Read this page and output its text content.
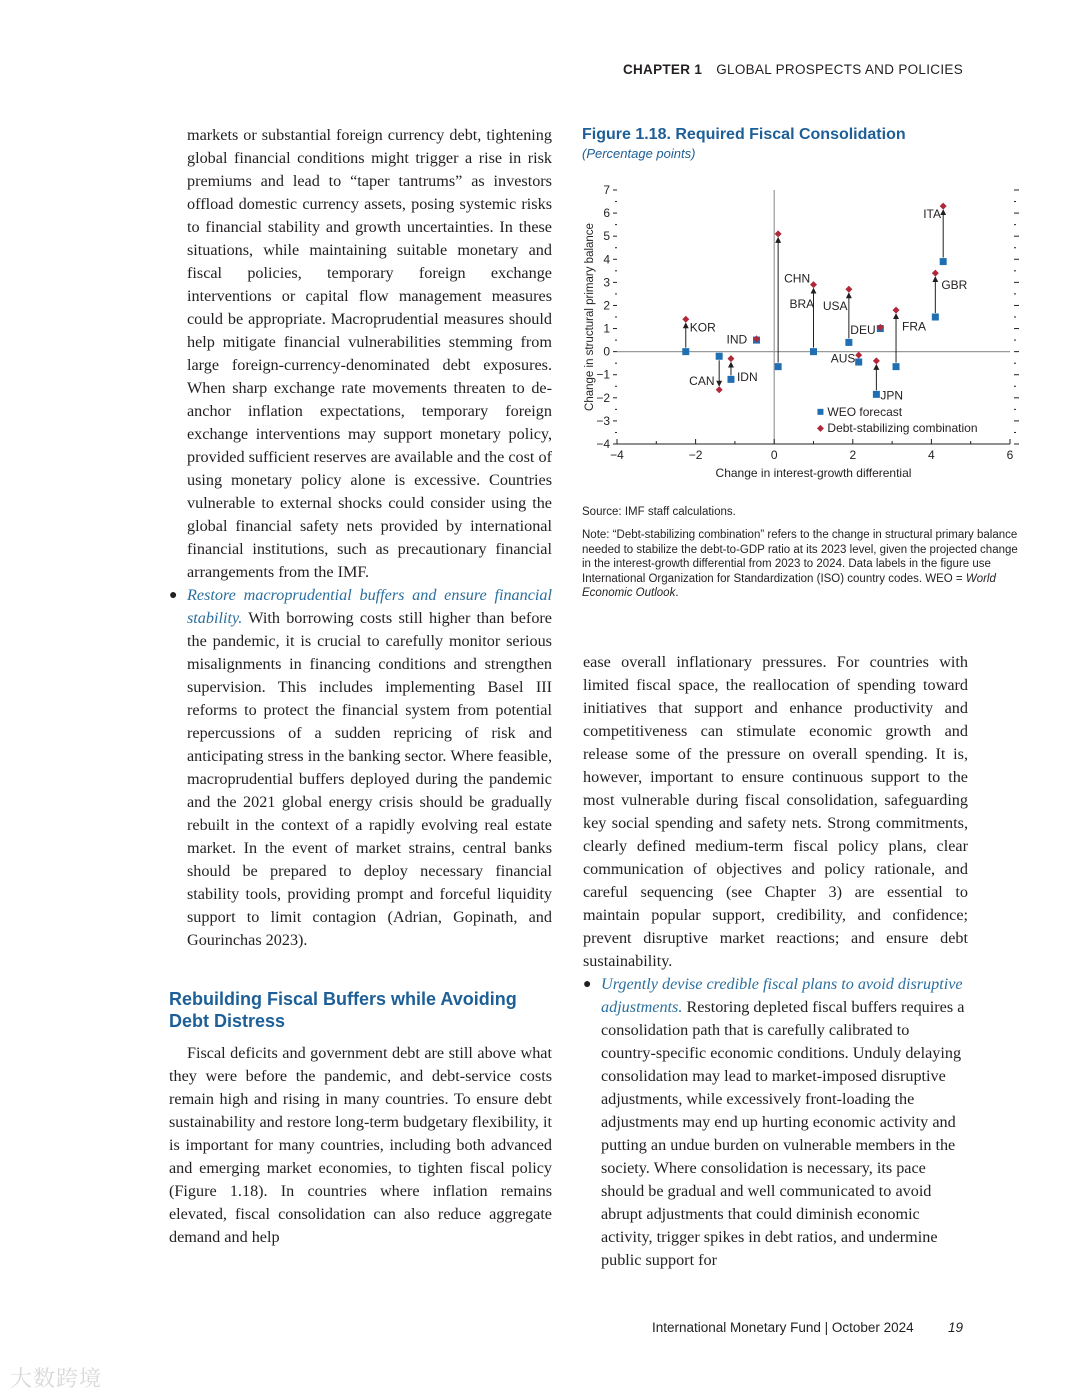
CHAPTER 1 GLOBAL PROSPECTS AND POLICIES

markets or substantial foreign currency debt, tightening global financial conditions might trigger a rise in risk premiums and lead to “taper tantrums” as investors offload domestic currency assets, posing systemic risks to financial stability and growth uncertainties. In these situations, while maintaining suitable monetary and fiscal policies, temporary foreign exchange interventions or capital flow management measures could be appropriate. Macroprudential measures should help mitigate financial vulnerabilities stemming from large foreign-currency-denominated debt exposures. When sharp exchange rate movements threaten to de-anchor inflation expectations, temporary foreign exchange interventions may support monetary policy, provided sufficient reserves are available and the cost of using monetary policy alone is excessive. Countries vulnerable to external shocks could consider using the global financial safety nets provided by international financial institutions, such as precautionary financial arrangements from the IMF.

● Restore macroprudential buffers and ensure financial stability. With borrowing costs still higher than before the pandemic, it is crucial to carefully monitor serious misalignments in financing conditions and strengthen supervision. This includes implementing Basel III reforms to protect the financial system from potential repercussions of a sudden repricing of risk and anticipating stress in the banking sector. Where feasible, macroprudential buffers deployed during the pandemic and the 2021 global energy crisis should be gradually rebuilt in the context of a rapidly evolving real estate market. In the event of market strains, central banks should be prepared to deploy necessary financial stability tools, providing prompt and forceful liquidity support to limit contagion (Adrian, Gopinath, and Gourinchas 2023).

Rebuilding Fiscal Buffers while Avoiding Debt Distress

Fiscal deficits and government debt are still above what they were before the pandemic, and debt-service costs remain high and rising in many countries. To ensure debt sustainability and restore long-term budgetary flexibility, it is important for many countries, including both advanced and emerging market economies, to tighten fiscal policy (Figure 1.18). In countries where inflation remains elevated, fiscal consolidation can also reduce aggregate demand and help

Figure 1.18. Required Fiscal Consolidation
(Percentage points)
−4
−3
−2
−1
0
1
2
3
4
5
6
7
−4	−2	0	2	4	6
Change in interest-growth differential
Change in structural primary balance	KOR
CAN IDN
IND
CHN
BRA USA
AUS
DEU
JPN
FRA
GBR
ITA
WEO forecast
Debt-stabilizing combination
Source: IMF staff calculations.
Note: “Debt-stabilizing combination” refers to the change in structural primary balance needed to stabilize the debt-to-GDP ratio at its 2023 level, given the projected change in the interest-growth differential from 2023 to 2024. Data labels in the figure use International Organization for Standardization (ISO) country codes. WEO = World Economic Outlook.

ease overall inflationary pressures. For countries with limited fiscal space, the reallocation of spending toward initiatives that support and enhance productivity and competitiveness can stimulate economic growth and release some of the pressure on overall spending. It is, however, important to ensure continuous support to the most vulnerable during fiscal consolidation, safeguarding key social spending and safety nets. Strong commitments, clearly defined medium-term fiscal policy plans, clear communication of objectives and policy rationale, and careful sequencing (see Chapter 3) are essential to maintain popular support, credibility, and confidence; prevent disruptive market reactions; and ensure debt sustainability.

● Urgently devise credible fiscal plans to avoid disruptive adjustments. Restoring depleted fiscal buffers requires a consolidation path that is carefully calibrated to country-specific economic conditions. Unduly delaying consolidation may lead to market-imposed disruptive adjustments, while excessively front-loading the adjustments may end up hurting economic activity and putting an undue burden on vulnerable members in the society. Where consolidation is necessary, its pace should be gradual and well communicated to avoid abrupt adjustments that could diminish economic activity, trigger spikes in debt ratios, and undermine public support for

International Monetary Fund | October 2024	19
大数跨境
